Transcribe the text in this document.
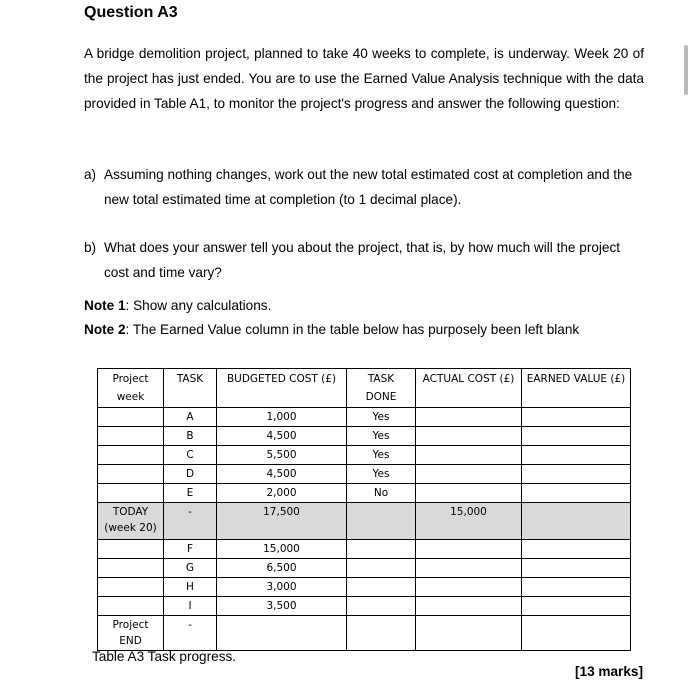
Question A3
A bridge demolition project, planned to take 40 weeks to complete, is underway. Week 20 of the project has just ended. You are to use the Earned Value Analysis technique with the data provided in Table A1, to monitor the project's progress and answer the following question:
a) Assuming nothing changes, work out the new total estimated cost at completion and the new total estimated time at completion (to 1 decimal place).
b) What does your answer tell you about the project, that is, by how much will the project cost and time vary?
Note 1: Show any calculations.
Note 2: The Earned Value column in the table below has purposely been left blank
Project week	TASK	BUDGETED COST (£)	TASK DONE	ACTUAL COST (£)	EARNED VALUE (£)
	A	1,000	Yes		
	B	4,500	Yes		
	C	5,500	Yes		
	D	4,500	Yes		
	E	2,000	No		
TODAY (week 20)	-	17,500		15,000	
	F	15,000			
	G	6,500			
	H	3,000			
	I	3,500			
Project END	-				
Table A3 Task progress.
[13 marks]
